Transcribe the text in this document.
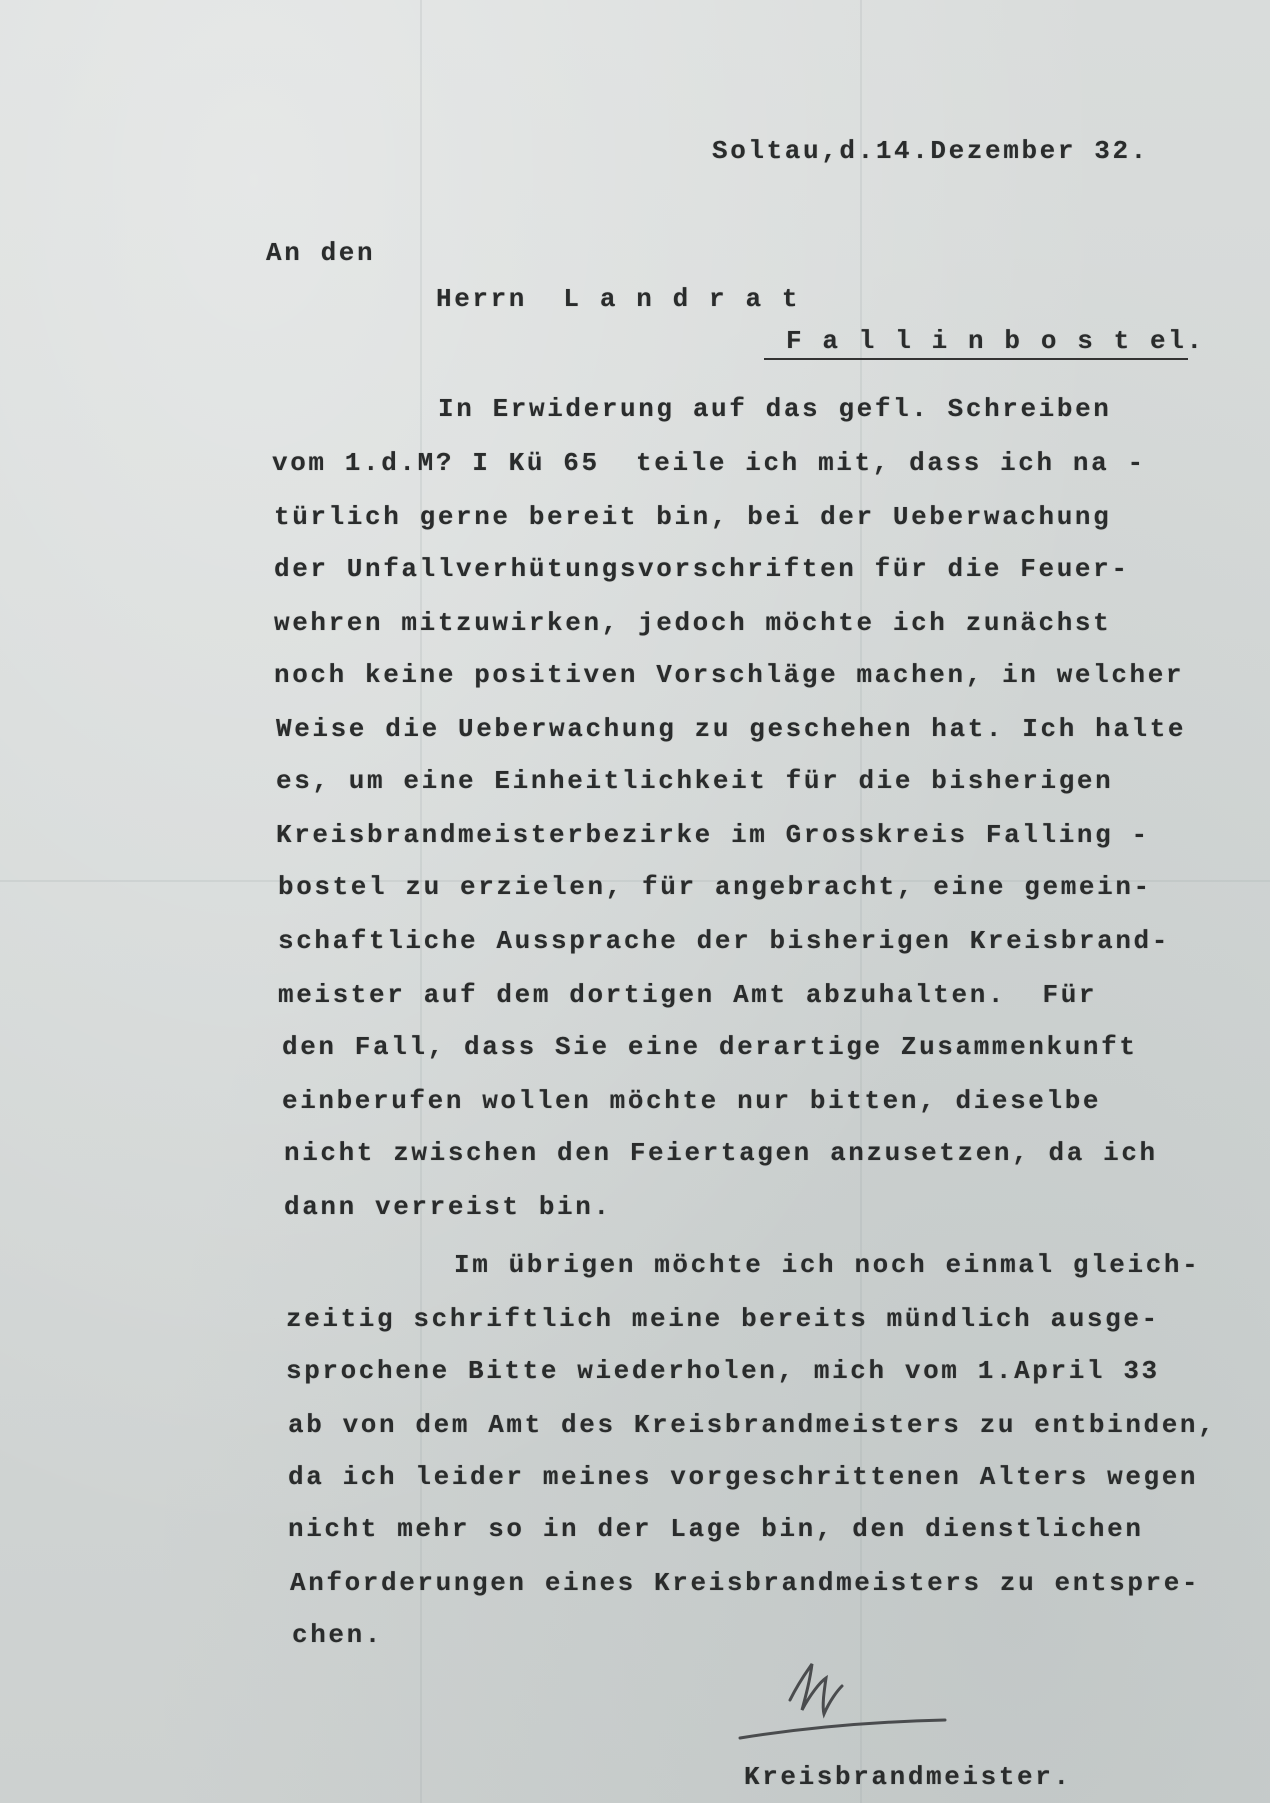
Soltau,d.14.Dezember 32.
An den
Herrn  L a n d r a t
F a l l i n b o s t el.
In Erwiderung auf das gefl. Schreiben
vom 1.d.M? I Kü 65  teile ich mit, dass ich na -
türlich gerne bereit bin, bei der Ueberwachung
der Unfallverhütungsvorschriften für die Feuer-
wehren mitzuwirken, jedoch möchte ich zunächst
noch keine positiven Vorschläge machen, in welcher
Weise die Ueberwachung zu geschehen hat. Ich halte
es, um eine Einheitlichkeit für die bisherigen
Kreisbrandmeisterbezirke im Grosskreis Falling -
bostel zu erzielen, für angebracht, eine gemein-
schaftliche Aussprache der bisherigen Kreisbrand-
meister auf dem dortigen Amt abzuhalten.  Für
den Fall, dass Sie eine derartige Zusammenkunft
einberufen wollen möchte nur bitten, dieselbe
nicht zwischen den Feiertagen anzusetzen, da ich
dann verreist bin.
Im übrigen möchte ich noch einmal gleich-
zeitig schriftlich meine bereits mündlich ausge-
sprochene Bitte wiederholen, mich vom 1.April 33
ab von dem Amt des Kreisbrandmeisters zu entbinden,
da ich leider meines vorgeschrittenen Alters wegen
nicht mehr so in der Lage bin, den dienstlichen
Anforderungen eines Kreisbrandmeisters zu entspre-
chen.
Kreisbrandmeister.
